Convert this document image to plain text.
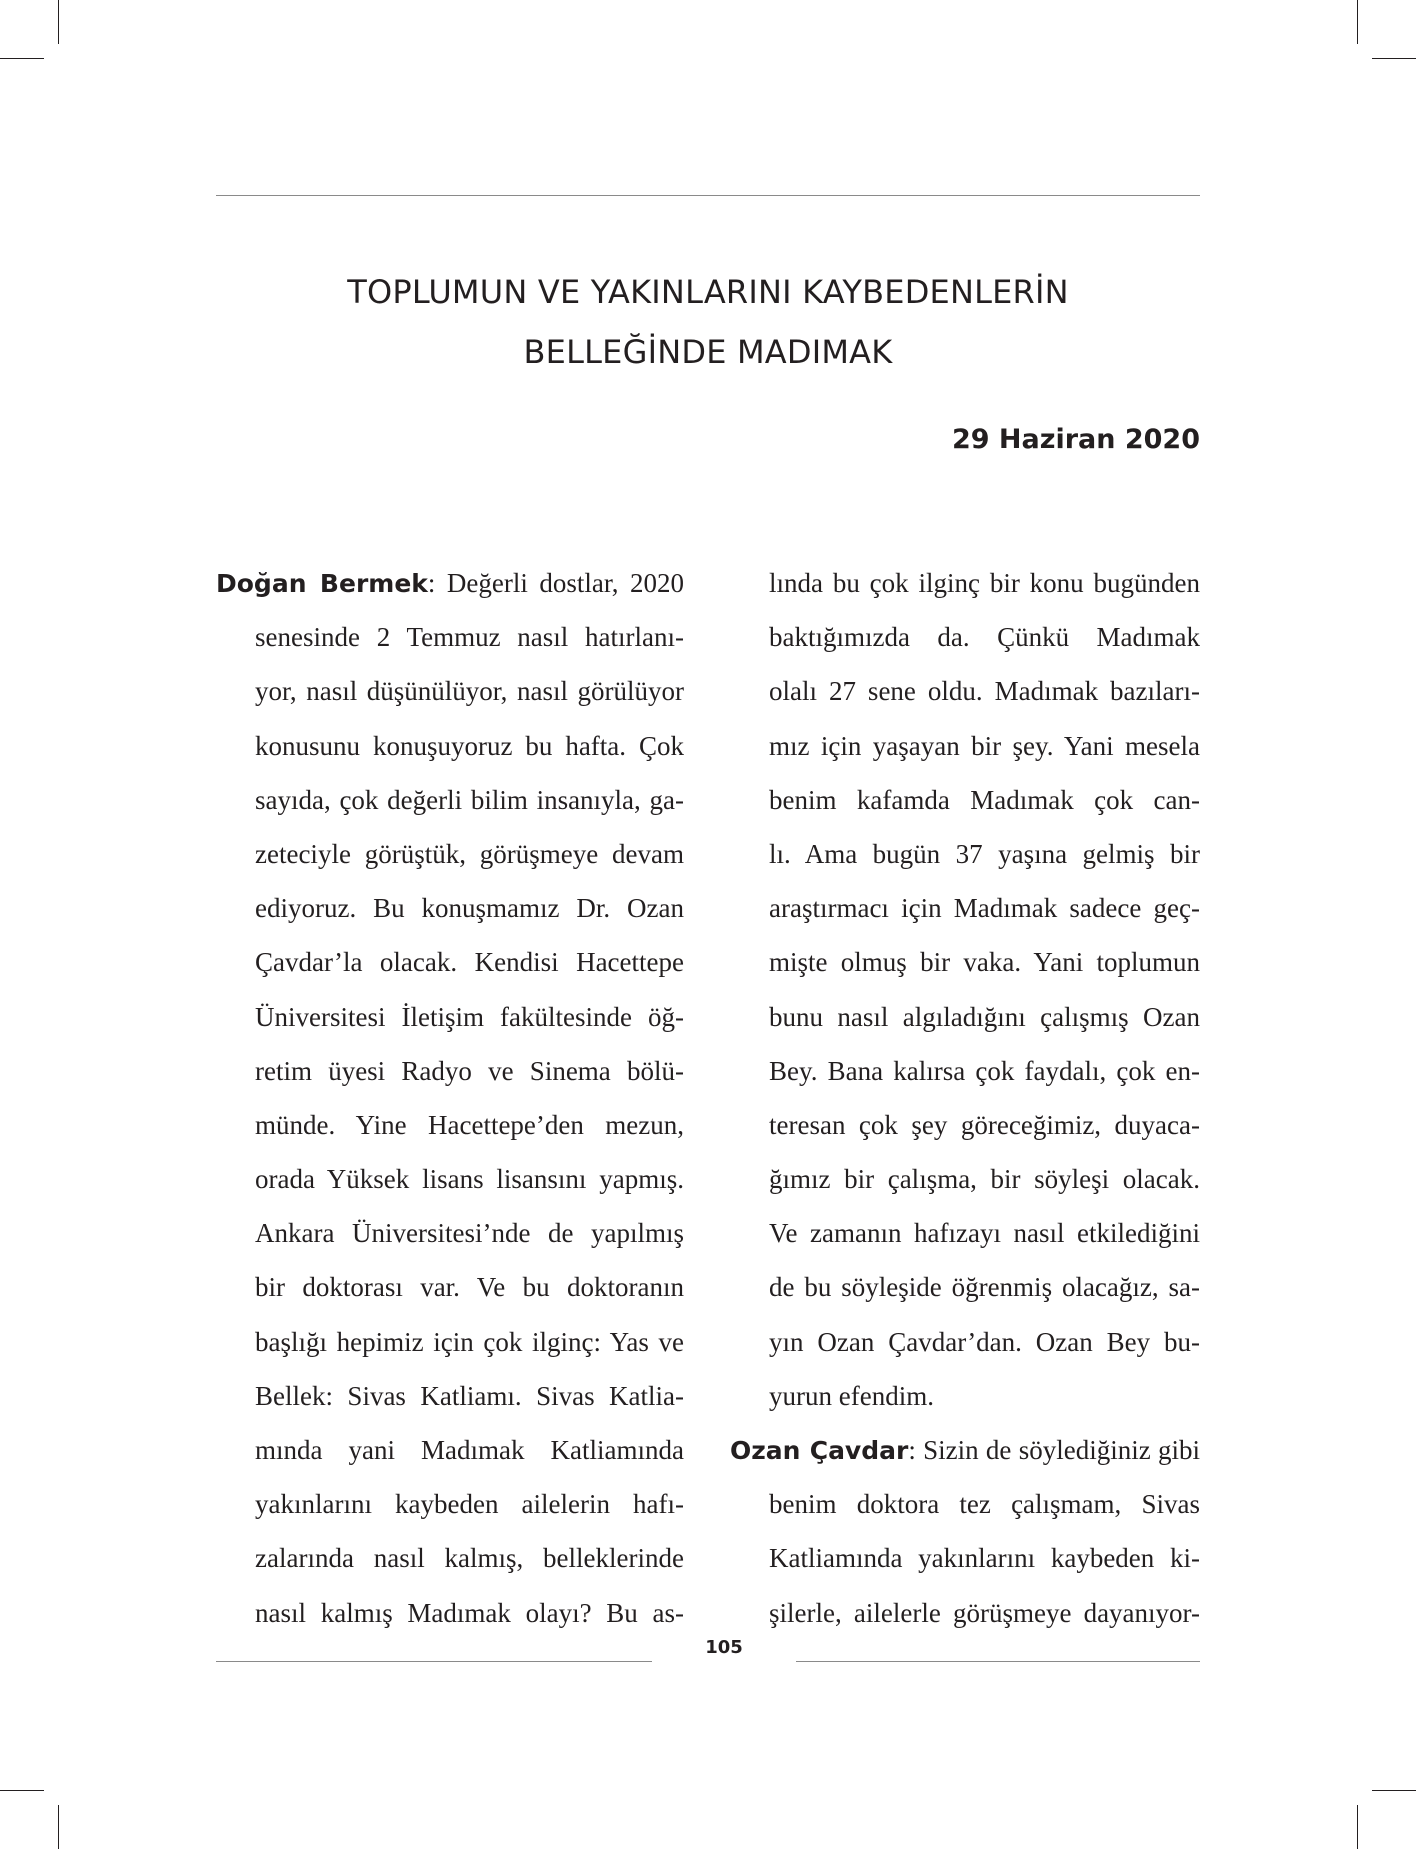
TOPLUMUN VE YAKINLARINI KAYBEDENLERİN
BELLEĞİNDE MADIMAK
29 Haziran 2020
Doğan Bermek: Değerli dostlar, 2020
senesinde 2 Temmuz nasıl hatırlanı-
yor, nasıl düşünülüyor, nasıl görülüyor
konusunu konuşuyoruz bu hafta. Çok
sayıda, çok değerli bilim insanıyla, ga-
zeteciyle görüştük, görüşmeye devam
ediyoruz. Bu konuşmamız Dr. Ozan
Çavdar’la olacak. Kendisi Hacettepe
Üniversitesi İletişim fakültesinde öğ-
retim üyesi Radyo ve Sinema bölü-
münde. Yine Hacettepe’den mezun,
orada Yüksek lisans lisansını yapmış.
Ankara Üniversitesi’nde de yapılmış
bir doktorası var. Ve bu doktoranın
başlığı hepimiz için çok ilginç: Yas ve
Bellek: Sivas Katliamı. Sivas Katlia-
mında yani Madımak Katliamında
yakınlarını kaybeden ailelerin hafı-
zalarında nasıl kalmış, belleklerinde
nasıl kalmış Madımak olayı? Bu as-
lında bu çok ilginç bir konu bugünden
baktığımızda da. Çünkü Madımak
olalı 27 sene oldu. Madımak bazıları-
mız için yaşayan bir şey. Yani mesela
benim kafamda Madımak çok can-
lı. Ama bugün 37 yaşına gelmiş bir
araştırmacı için Madımak sadece geç-
mişte olmuş bir vaka. Yani toplumun
bunu nasıl algıladığını çalışmış Ozan
Bey. Bana kalırsa çok faydalı, çok en-
teresan çok şey göreceğimiz, duyaca-
ğımız bir çalışma, bir söyleşi olacak.
Ve zamanın hafızayı nasıl etkilediğini
de bu söyleşide öğrenmiş olacağız, sa-
yın Ozan Çavdar’dan. Ozan Bey bu-
yurun efendim.
Ozan Çavdar: Sizin de söylediğiniz gibi
benim doktora tez çalışmam, Sivas
Katliamında yakınlarını kaybeden ki-
şilerle, ailelerle görüşmeye dayanıyor-
105
